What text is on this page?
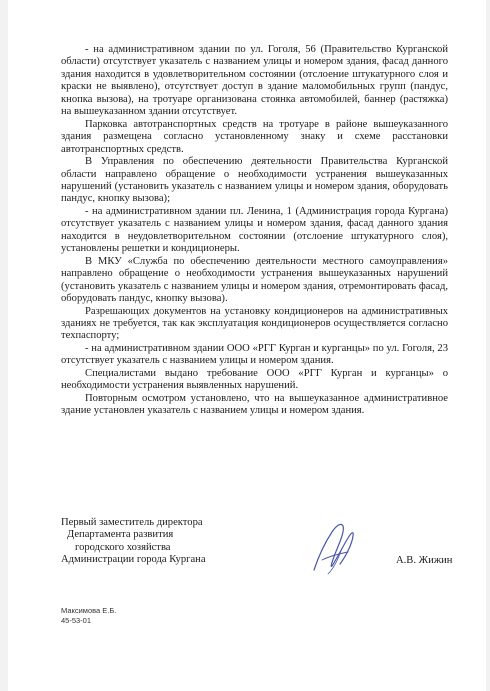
- на административном здании по ул. Гоголя, 56 (Правительство Курганской области) отсутствует указатель с названием улицы и номером здания, фасад данного здания находится в удовлетворительном состоянии (отслоение штукатурного слоя и краски не выявлено), отсутствует доступ в здание маломобильных групп (пандус, кнопка вызова), на тротуаре организована стоянка автомобилей, баннер (растяжка) на вышеуказанном здании отсутствует.

Парковка автотранспортных средств на тротуаре в районе вышеуказанного здания размещена согласно установленному знаку и схеме расстановки автотранспортных средств.

В Управления по обеспечению деятельности Правительства Курганской области направлено обращение о необходимости устранения вышеуказанных нарушений (установить указатель с названием улицы и номером здания, оборудовать пандус, кнопку вызова);

- на административном здании пл. Ленина, 1 (Администрация города Кургана) отсутствует указатель с названием улицы и номером здания, фасад данного здания находится в неудовлетворительном состоянии (отслоение штукатурного слоя), установлены решетки и кондиционеры.

В МКУ «Служба по обеспечению деятельности местного самоуправления» направлено обращение о необходимости устранения вышеуказанных нарушений (установить указатель с названием улицы и номером здания, отремонтировать фасад, оборудовать пандус, кнопку вызова).

Разрешающих документов на установку кондиционеров на административных зданиях не требуется, так как эксплуатация кондиционеров осуществляется согласно техпаспорту;

- на административном здании ООО «РГГ Курган и курганцы» по ул. Гоголя, 23 отсутствует указатель с названием улицы и номером здания.

Специалистами выдано требование ООО «РГГ Курган и курганцы» о необходимости устранения выявленных нарушений.

Повторным осмотром установлено, что на вышеуказанное административное здание установлен указатель с названием улицы и номером здания.

Первый заместитель директора
Департамента развития
городского хозяйства
Администрации города Кургана	А.В. Жижин
Максимова Е.Б.
45-53-01
